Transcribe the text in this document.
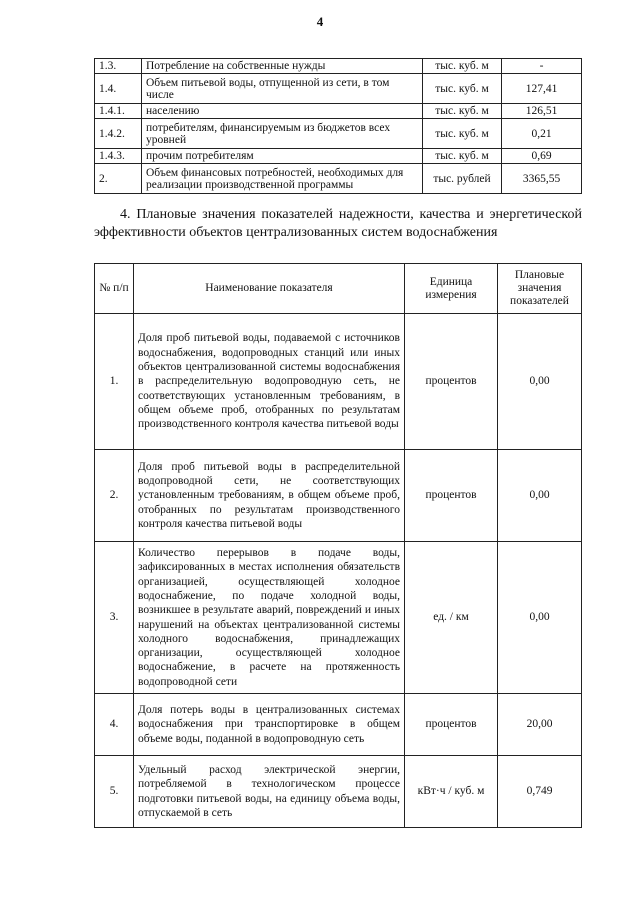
4
1.3.	Потребление на собственные нужды	тыс. куб. м	-
1.4.	Объем питьевой воды, отпущенной из сети, в том числе	тыс. куб. м	127,41
1.4.1.	населению	тыс. куб. м	126,51
1.4.2.	потребителям, финансируемым из бюджетов всех уровней	тыс. куб. м	0,21
1.4.3.	прочим потребителям	тыс. куб. м	0,69
2.	Объем финансовых потребностей, необходимых для реализации производственной программы	тыс. рублей	3365,55
4. Плановые значения показателей надежности, качества и энергетической эффективности объектов централизованных систем водоснабжения
№ п/п	Наименование показателя	Единица измерения	Плановые значения показателей
1.	Доля проб питьевой воды, подаваемой с источников водоснабжения, водопроводных станций или иных объектов централизованной системы водоснабжения в распределительную водопроводную сеть, не соответствующих установленным требованиям, в общем объеме проб, отобранных по результатам производственного контроля качества питьевой воды	процентов	0,00
2.	Доля проб питьевой воды в распределительной водопроводной сети, не соответствующих установленным требованиям, в общем объеме проб, отобранных по результатам производственного контроля качества питьевой воды	процентов	0,00
3.	Количество перерывов в подаче воды, зафиксированных в местах исполнения обязательств организацией, осуществляющей холодное водоснабжение, по подаче холодной воды, возникшее в результате аварий, повреждений и иных нарушений на объектах централизованной системы холодного водоснабжения, принадлежащих организации, осуществляющей холодное водоснабжение, в расчете на протяженность водопроводной сети	ед. / км	0,00
4.	Доля потерь воды в централизованных системах водоснабжения при транспортировке в общем объеме воды, поданной в водопроводную сеть	процентов	20,00
5.	Удельный расход электрической энергии, потребляемой в технологическом процессе подготовки питьевой воды, на единицу объема воды, отпускаемой в сеть	кВт·ч / куб. м	0,749
